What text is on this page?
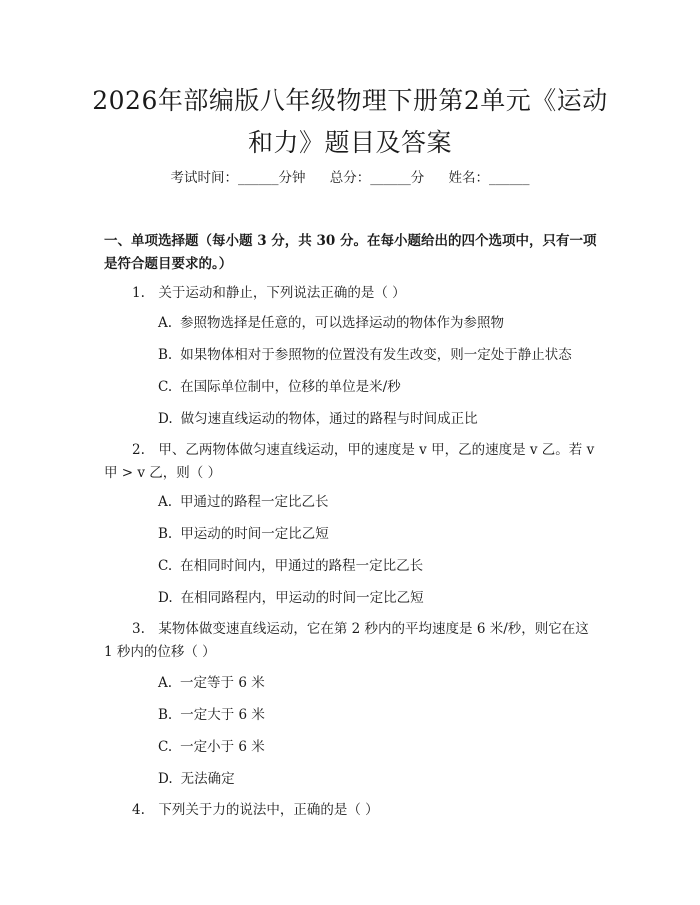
2026年部编版八年级物理下册第2单元《运动和力》题目及答案
考试时间：______分钟 总分：______分 姓名：______
一、单项选择题（每小题 3 分，共 30 分。在每小题给出的四个选项中，只有一项是符合题目要求的。）
1.　关于运动和静止，下列说法正确的是（ ）
A. 参照物选择是任意的，可以选择运动的物体作为参照物
B. 如果物体相对于参照物的位置没有发生改变，则一定处于静止状态
C. 在国际单位制中，位移的单位是米/秒
D. 做匀速直线运动的物体，通过的路程与时间成正比
2.　甲、乙两物体做匀速直线运动，甲的速度是 v 甲，乙的速度是 v 乙。若 v 甲 > v 乙，则（ ）
A. 甲通过的路程一定比乙长
B. 甲运动的时间一定比乙短
C. 在相同时间内，甲通过的路程一定比乙长
D. 在相同路程内，甲运动的时间一定比乙短
3.　某物体做变速直线运动，它在第 2 秒内的平均速度是 6 米/秒，则它在这 1 秒内的位移（ ）
A. 一定等于 6 米
B. 一定大于 6 米
C. 一定小于 6 米
D. 无法确定
4.　下列关于力的说法中，正确的是（ ）
